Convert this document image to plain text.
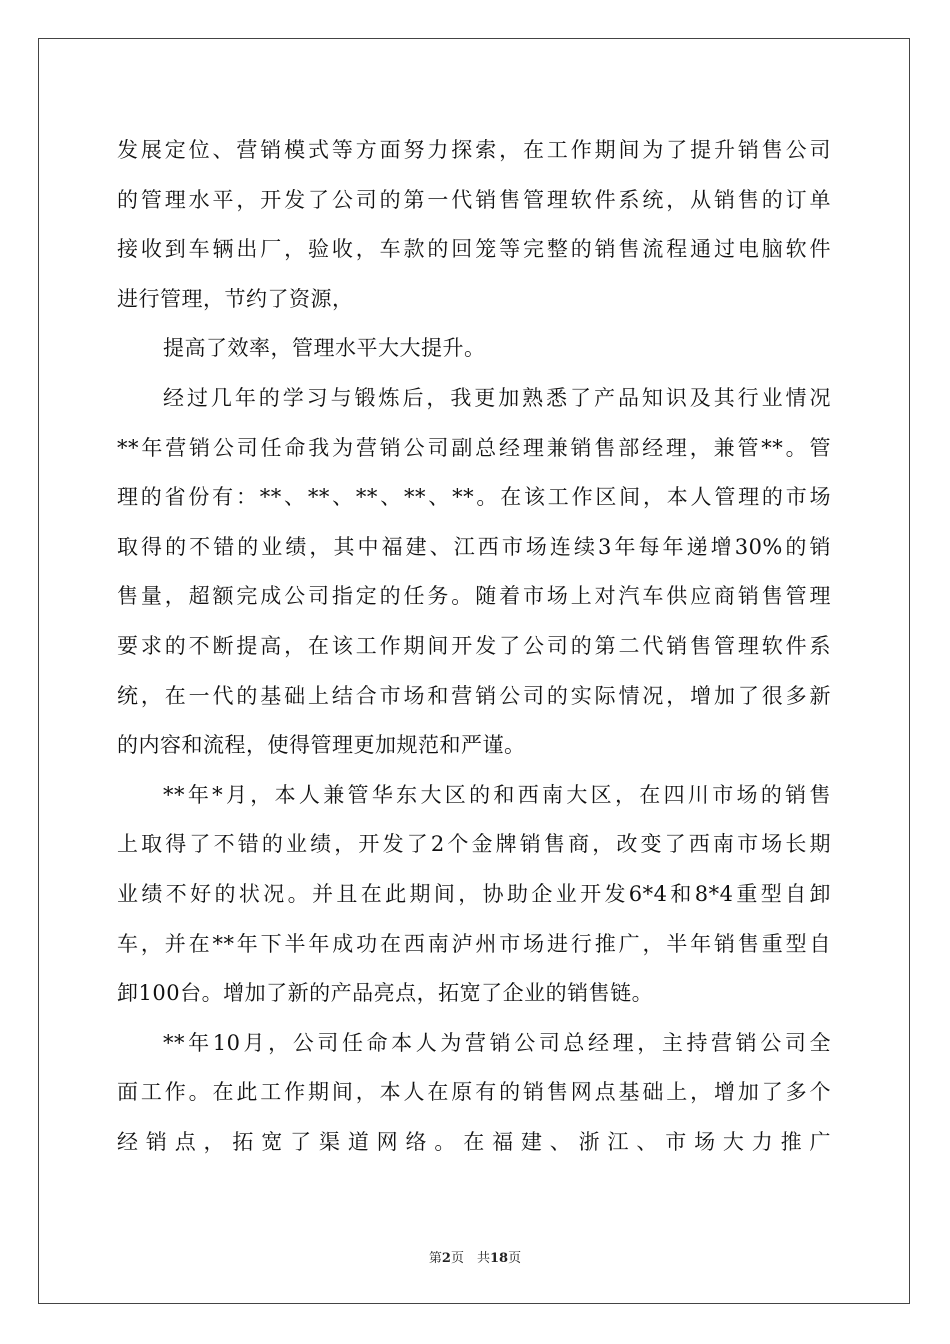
发展定位、营销模式等方面努力探索，在工作期间为了提升销售公司
的管理水平，开发了公司的第一代销售管理软件系统，从销售的订单
接收到车辆出厂，验收，车款的回笼等完整的销售流程通过电脑软件
进行管理，节约了资源，
提高了效率，管理水平大大提升。
经过几年的学习与锻炼后，我更加熟悉了产品知识及其行业情况
**年营销公司任命我为营销公司副总经理兼销售部经理，兼管**。管
理的省份有：**、**、**、**、**。在该工作区间，本人管理的市场
取得的不错的业绩，其中福建、江西市场连续3年每年递增30%的销
售量，超额完成公司指定的任务。随着市场上对汽车供应商销售管理
要求的不断提高，在该工作期间开发了公司的第二代销售管理软件系
统，在一代的基础上结合市场和营销公司的实际情况，增加了很多新
的内容和流程，使得管理更加规范和严谨。
**年*月，本人兼管华东大区的和西南大区，在四川市场的销售
上取得了不错的业绩，开发了2个金牌销售商，改变了西南市场长期
业绩不好的状况。并且在此期间，协助企业开发6*4和8*4重型自卸
车，并在**年下半年成功在西南泸州市场进行推广，半年销售重型自
卸100台。增加了新的产品亮点，拓宽了企业的销售链。
**年10月，公司任命本人为营销公司总经理，主持营销公司全
面工作。在此工作期间，本人在原有的销售网点基础上，增加了多个
经销点，拓宽了渠道网络。在福建、浙江、市场大力推广
第2页　共18页
